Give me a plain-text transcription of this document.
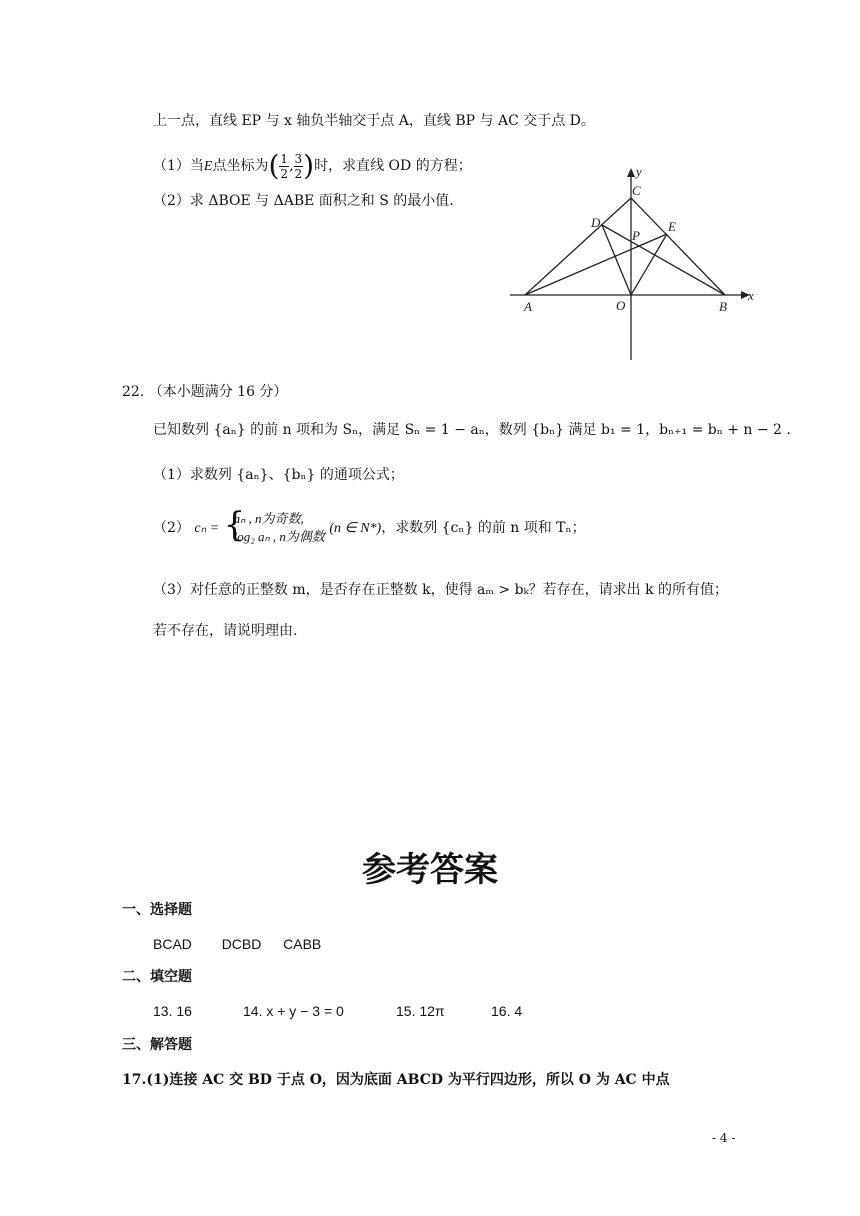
上一点，直线 EP 与 x 轴负半轴交于点 A，直线 BP 与 AC 交于点 D。
（1）当E点坐标为( $\frac{1}{2}$, $\frac{3}{2}$)时，求直线 OD 的方程；
（2）求 ΔBOE 与 ΔABE 面积之和 S 的最小值.
y
x
C
D	E
P
A	O	B
22. （本小题满分 16 分）
已知数列 {aₙ} 的前 n 项和为 Sₙ，满足 Sₙ = 1 − aₙ，数列 {bₙ} 满足 b₁ = 1，bₙ₊₁ = bₙ + n − 2 .
（1）求数列 {aₙ}、{bₙ} 的通项公式；
（2） cₙ = {
aₙ , n为奇数,
log₂ aₙ , n为偶数
(n ∈ N*)，求数列 {cₙ} 的前 n 项和 Tₙ；
（3）对任意的正整数 m，是否存在正整数 k，使得 aₘ > bₖ？若存在，请求出 k 的所有值；
若不存在，请说明理由.
参考答案
一、选择题
BCAD DCBD CABB
二、填空题
13. 16	14. x + y − 3 = 0	15. 12π	16. 4
三、解答题
17.(1)连接 AC 交 BD 于点 O，因为底面 ABCD 为平行四边形，所以 O 为 AC 中点
- 4 -
